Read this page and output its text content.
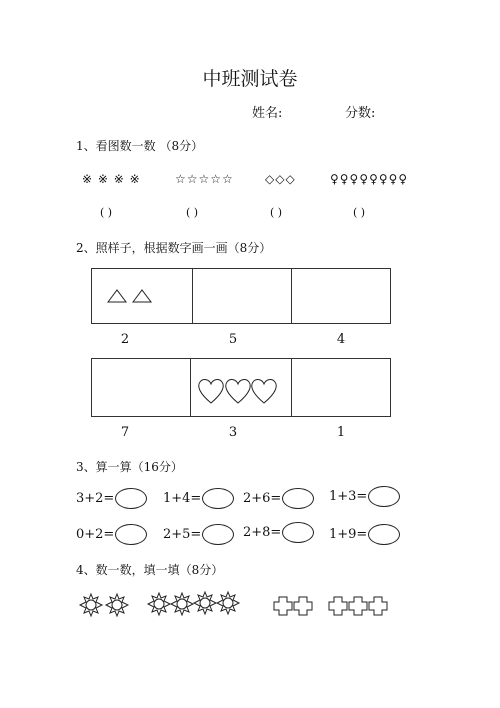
中班测试卷
姓名:	分数:
1、看图数一数 （8分）
※ ※ ※ ※	☆☆☆☆☆	◇◇◇	♀♀♀♀♀♀♀♀
( )	( )	( )	( )
2、照样子，根据数字画一画（8分）
2	5	4
7	3	1
3、算一算（16分）
3+2=	1+4=	2+6=	1+3=
0+2=	2+5=	2+8=	1+9=
4、数一数，填一填（8分）
